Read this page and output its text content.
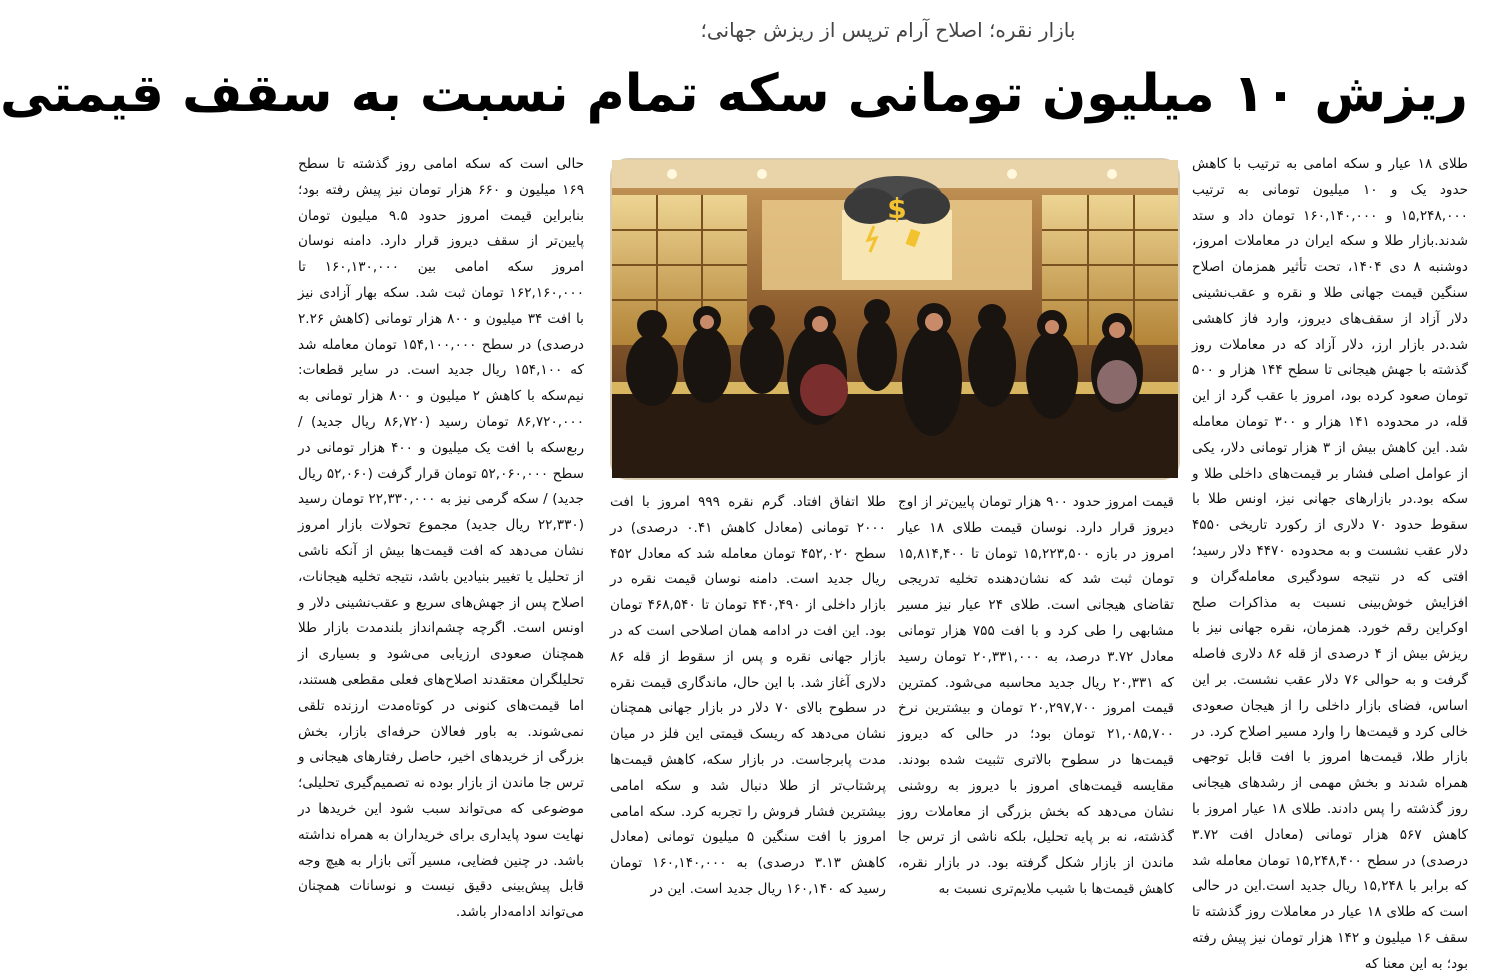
بازار نقره؛ اصلاح آرام ترپس از ریزش جهانی؛
ریزش ۱۰ میلیون تومانی سکه تمام نسبت به سقف قیمتی

طلای ۱۸ عیار و سکه امامی به ترتیب با کاهش حدود یک و ۱۰ میلیون تومانی به ترتیب ۱۵,۲۴۸,۰۰۰ و ۱۶۰,۱۴۰,۰۰۰ تومان داد و ستد شدند.بازار طلا و سکه ایران در معاملات امروز، دوشنبه ۸ دی ۱۴۰۴، تحت تأثیر همزمان اصلاح سنگین قیمت جهانی طلا و نقره و عقب‌نشینی دلار آزاد از سقف‌های دیروز، وارد فاز کاهشی شد.در بازار ارز، دلار آزاد که در معاملات روز گذشته با جهش هیجانی تا سطح ۱۴۴ هزار و ۵۰۰ تومان صعود کرده بود، امروز با عقب گرد از این قله، در محدوده ۱۴۱ هزار و ۳۰۰ تومان معامله شد. این کاهش بیش از ۳ هزار تومانی دلار، یکی از عوامل اصلی فشار بر قیمت‌های داخلی طلا و سکه بود.در بازارهای جهانی نیز، اونس طلا با سقوط حدود ۷۰ دلاری از رکورد تاریخی ۴۵۵۰ دلار عقب نشست و به محدوده ۴۴۷۰ دلار رسید؛ افتی که در نتیجه سودگیری معامله‌گران و افزایش خوش‌بینی نسبت به مذاکرات صلح اوکراین رقم خورد. همزمان، نقره جهانی نیز با ریزش بیش از ۴ درصدی از قله ۸۶ دلاری فاصله گرفت و به حوالی ۷۶ دلار عقب نشست. بر این اساس، فضای بازار داخلی را از هیجان صعودی خالی کرد و قیمت‌ها را وارد مسیر اصلاح کرد. در بازار طلا، قیمت‌ها امروز با افت قابل توجهی همراه شدند و بخش مهمی از رشدهای هیجانی روز گذشته را پس دادند. طلای ۱۸ عیار امروز با کاهش ۵۶۷ هزار تومانی (معادل افت ۳.۷۲ درصدی) در سطح ۱۵,۲۴۸,۴۰۰ تومان معامله شد که برابر با ۱۵,۲۴۸ ریال جدید است.این در حالی است که طلای ۱۸ عیار در معاملات روز گذشته تا سقف ۱۶ میلیون و ۱۴۲ هزار تومان نیز پیش رفته بود؛ به این معنا که

$

قیمت امروز حدود ۹۰۰ هزار تومان پایین‌تر از اوج دیروز قرار دارد. نوسان قیمت طلای ۱۸ عیار امروز در بازه ۱۵,۲۲۳,۵۰۰ تومان تا ۱۵,۸۱۴,۴۰۰ تومان ثبت شد که نشان‌دهنده تخلیه تدریجی تقاضای هیجانی است. طلای ۲۴ عیار نیز مسیر مشابهی را طی کرد و با افت ۷۵۵ هزار تومانی معادل ۳.۷۲ درصد، به ۲۰,۳۳۱,۰۰۰ تومان رسید که ۲۰,۳۳۱ ریال جدید محاسبه می‌شود. کمترین قیمت امروز ۲۰,۲۹۷,۷۰۰ تومان و بیشترین نرخ ۲۱,۰۸۵,۷۰۰ تومان بود؛ در حالی که دیروز قیمت‌ها در سطوح بالاتری تثبیت شده بودند. مقایسه قیمت‌های امروز با دیروز به روشنی نشان می‌دهد که بخش بزرگی از معاملات روز گذشته، نه بر پایه تحلیل، بلکه ناشی از ترس جا ماندن از بازار شکل گرفته بود. در بازار نقره، کاهش قیمت‌ها با شیب ملایم‌تری نسبت به

طلا اتفاق افتاد. گرم نقره ۹۹۹ امروز با افت ۲۰۰۰ تومانی (معادل کاهش ۰.۴۱ درصدی) در سطح ۴۵۲,۰۲۰ تومان معامله شد که معادل ۴۵۲ ریال جدید است. دامنه نوسان قیمت نقره در بازار داخلی از ۴۴۰,۴۹۰ تومان تا ۴۶۸,۵۴۰ تومان بود. این افت در ادامه همان اصلاحی است که در بازار جهانی نقره و پس از سقوط از قله ۸۶ دلاری آغاز شد. با این حال، ماندگاری قیمت نقره در سطوح بالای ۷۰ دلار در بازار جهانی همچنان نشان می‌دهد که ریسک قیمتی این فلز در میان مدت پابرجاست. در بازار سکه، کاهش قیمت‌ها پرشتاب‌تر از طلا دنبال شد و سکه امامی بیشترین فشار فروش را تجربه کرد. سکه امامی امروز با افت سنگین ۵ میلیون تومانی (معادل کاهش ۳.۱۳ درصدی) به ۱۶۰,۱۴۰,۰۰۰ تومان رسید که ۱۶۰,۱۴۰ ریال جدید است. این در

حالی است که سکه امامی روز گذشته تا سطح ۱۶۹ میلیون و ۶۶۰ هزار تومان نیز پیش رفته بود؛ بنابراین قیمت امروز حدود ۹.۵ میلیون تومان پایین‌تر از سقف دیروز قرار دارد. دامنه نوسان امروز سکه امامی بین ۱۶۰,۱۳۰,۰۰۰ تا ۱۶۲,۱۶۰,۰۰۰ تومان ثبت شد. سکه بهار آزادی نیز با افت ۳۴ میلیون و ۸۰۰ هزار تومانی (کاهش ۲.۲۶ درصدی) در سطح ۱۵۴,۱۰۰,۰۰۰ تومان معامله شد که ۱۵۴,۱۰۰ ریال جدید است. در سایر قطعات: نیم‌سکه با کاهش ۲ میلیون و ۸۰۰ هزار تومانی به ۸۶,۷۲۰,۰۰۰ تومان رسید (۸۶,۷۲۰ ریال جدید) / ربع‌سکه با افت یک میلیون و ۴۰۰ هزار تومانی در سطح ۵۲,۰۶۰,۰۰۰ تومان قرار گرفت (۵۲,۰۶۰ ریال جدید) / سکه گرمی نیز به ۲۲,۳۳۰,۰۰۰ تومان رسید (۲۲,۳۳۰ ریال جدید) مجموع تحولات بازار امروز نشان می‌دهد که افت قیمت‌ها بیش از آنکه ناشی از تحلیل یا تغییر بنیادین باشد، نتیجه تخلیه هیجانات، اصلاح پس از جهش‌های سریع و عقب‌نشینی دلار و اونس است. اگرچه چشم‌انداز بلندمدت بازار طلا همچنان صعودی ارزیابی می‌شود و بسیاری از تحلیلگران معتقدند اصلاح‌های فعلی مقطعی هستند، اما قیمت‌های کنونی در کوتاه‌مدت ارزنده تلقی نمی‌شوند. به باور فعالان حرفه‌ای بازار، بخش بزرگی از خریدهای اخیر، حاصل رفتارهای هیجانی و ترس جا ماندن از بازار بوده نه تصمیم‌گیری تحلیلی؛ موضوعی که می‌تواند سبب شود این خریدها در نهایت سود پایداری برای خریداران به همراه نداشته باشد. در چنین فضایی، مسیر آتی بازار به هیچ وجه قابل پیش‌بینی دقیق نیست و نوسانات همچنان می‌تواند ادامه‌دار باشد.
